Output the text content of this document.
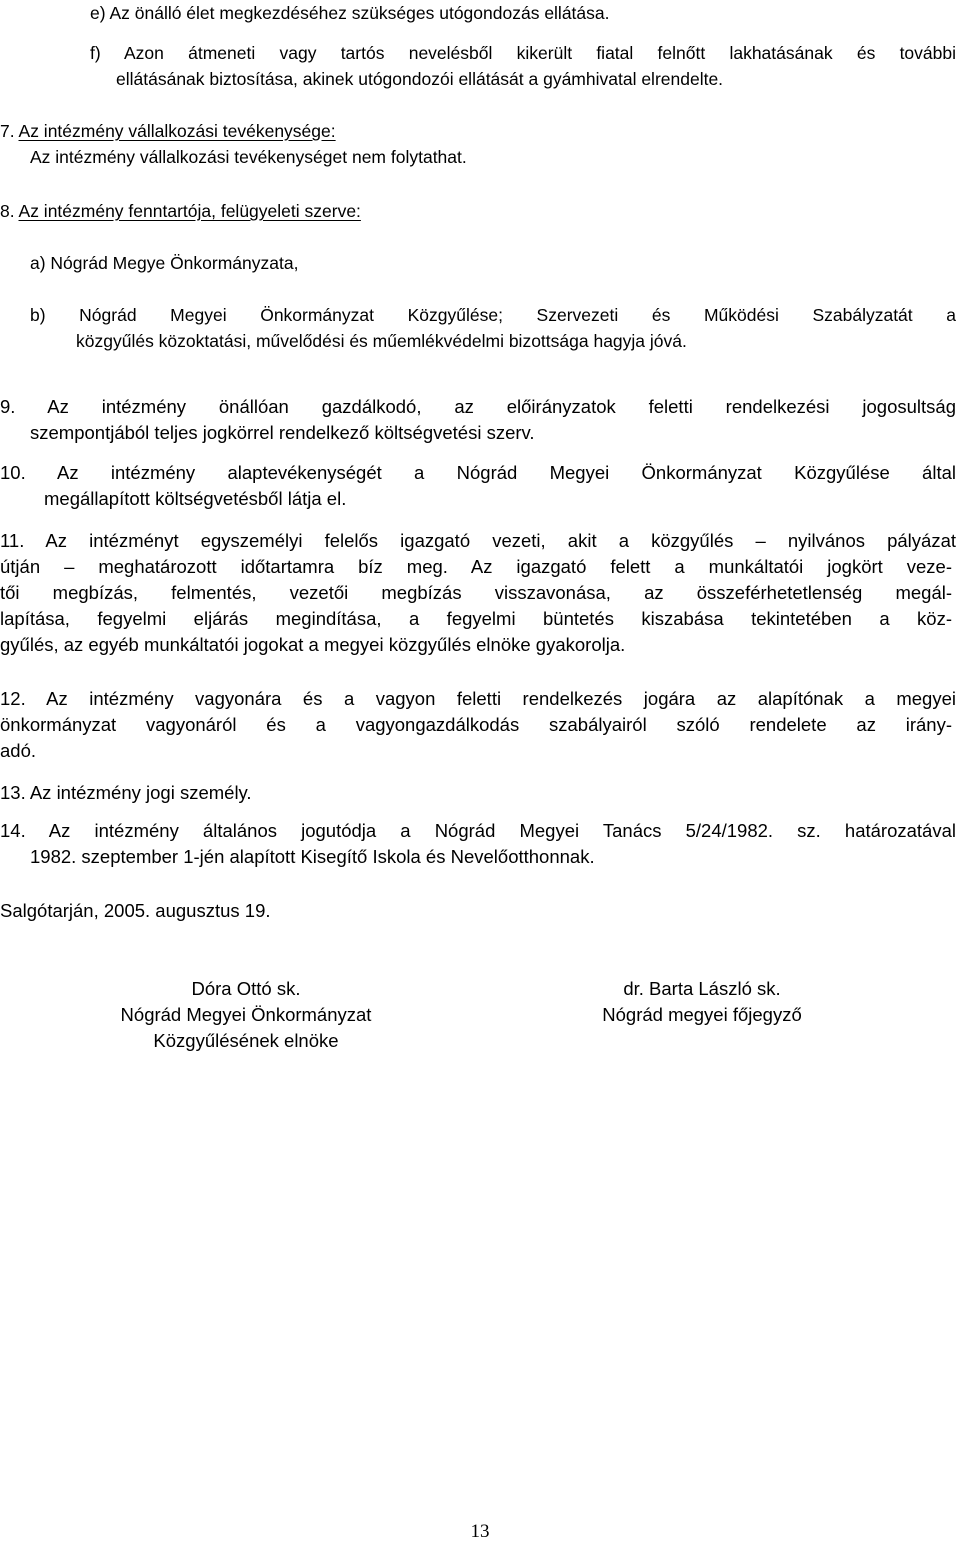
e) Az önálló élet megkezdéséhez szükséges utógondozás ellátása.
f) Azon átmeneti vagy tartós nevelésből kikerült fiatal felnőtt lakhatásának és további
ellátásának biztosítása, akinek utógondozói ellátását a gyámhivatal elrendelte.
7. Az intézmény vállalkozási tevékenysége:
Az intézmény vállalkozási tevékenységet nem folytathat.
8. Az intézmény fenntartója, felügyeleti szerve:
a) Nógrád Megye Önkormányzata,
b) Nógrád Megyei Önkormányzat Közgyűlése; Szervezeti és Működési Szabályzatát a
közgyűlés közoktatási, művelődési és műemlékvédelmi bizottsága hagyja jóvá.
9. Az intézmény önállóan gazdálkodó, az előirányzatok feletti rendelkezési jogosultság
szempontjából teljes jogkörrel rendelkező költségvetési szerv.
10. Az intézmény alaptevékenységét a Nógrád Megyei Önkormányzat Közgyűlése által
megállapított költségvetésből látja el.
11. Az intézményt egyszemélyi felelős igazgató vezeti, akit a közgyűlés – nyilvános pályázat
útján – meghatározott időtartamra bíz meg. Az igazgató felett a munkáltatói jogkört veze-
tői megbízás, felmentés, vezetői megbízás visszavonása, az összeférhetetlenség megál-
lapítása, fegyelmi eljárás megindítása, a fegyelmi büntetés kiszabása tekintetében a köz-
gyűlés, az egyéb munkáltatói jogokat a megyei közgyűlés elnöke gyakorolja.
12. Az intézmény vagyonára és a vagyon feletti rendelkezés jogára az alapítónak a megyei
önkormányzat vagyonáról és a vagyongazdálkodás szabályairól szóló rendelete az irány-
adó.
13. Az intézmény jogi személy.
14. Az intézmény általános jogutódja a Nógrád Megyei Tanács 5/24/1982. sz. határozatával
1982. szeptember 1-jén alapított Kisegítő Iskola és Nevelőotthonnak.
Salgótarján, 2005. augusztus 19.
Dóra Ottó sk.
Nógrád Megyei Önkormányzat
Közgyűlésének elnöke
dr. Barta László sk.
Nógrád megyei főjegyző
13
